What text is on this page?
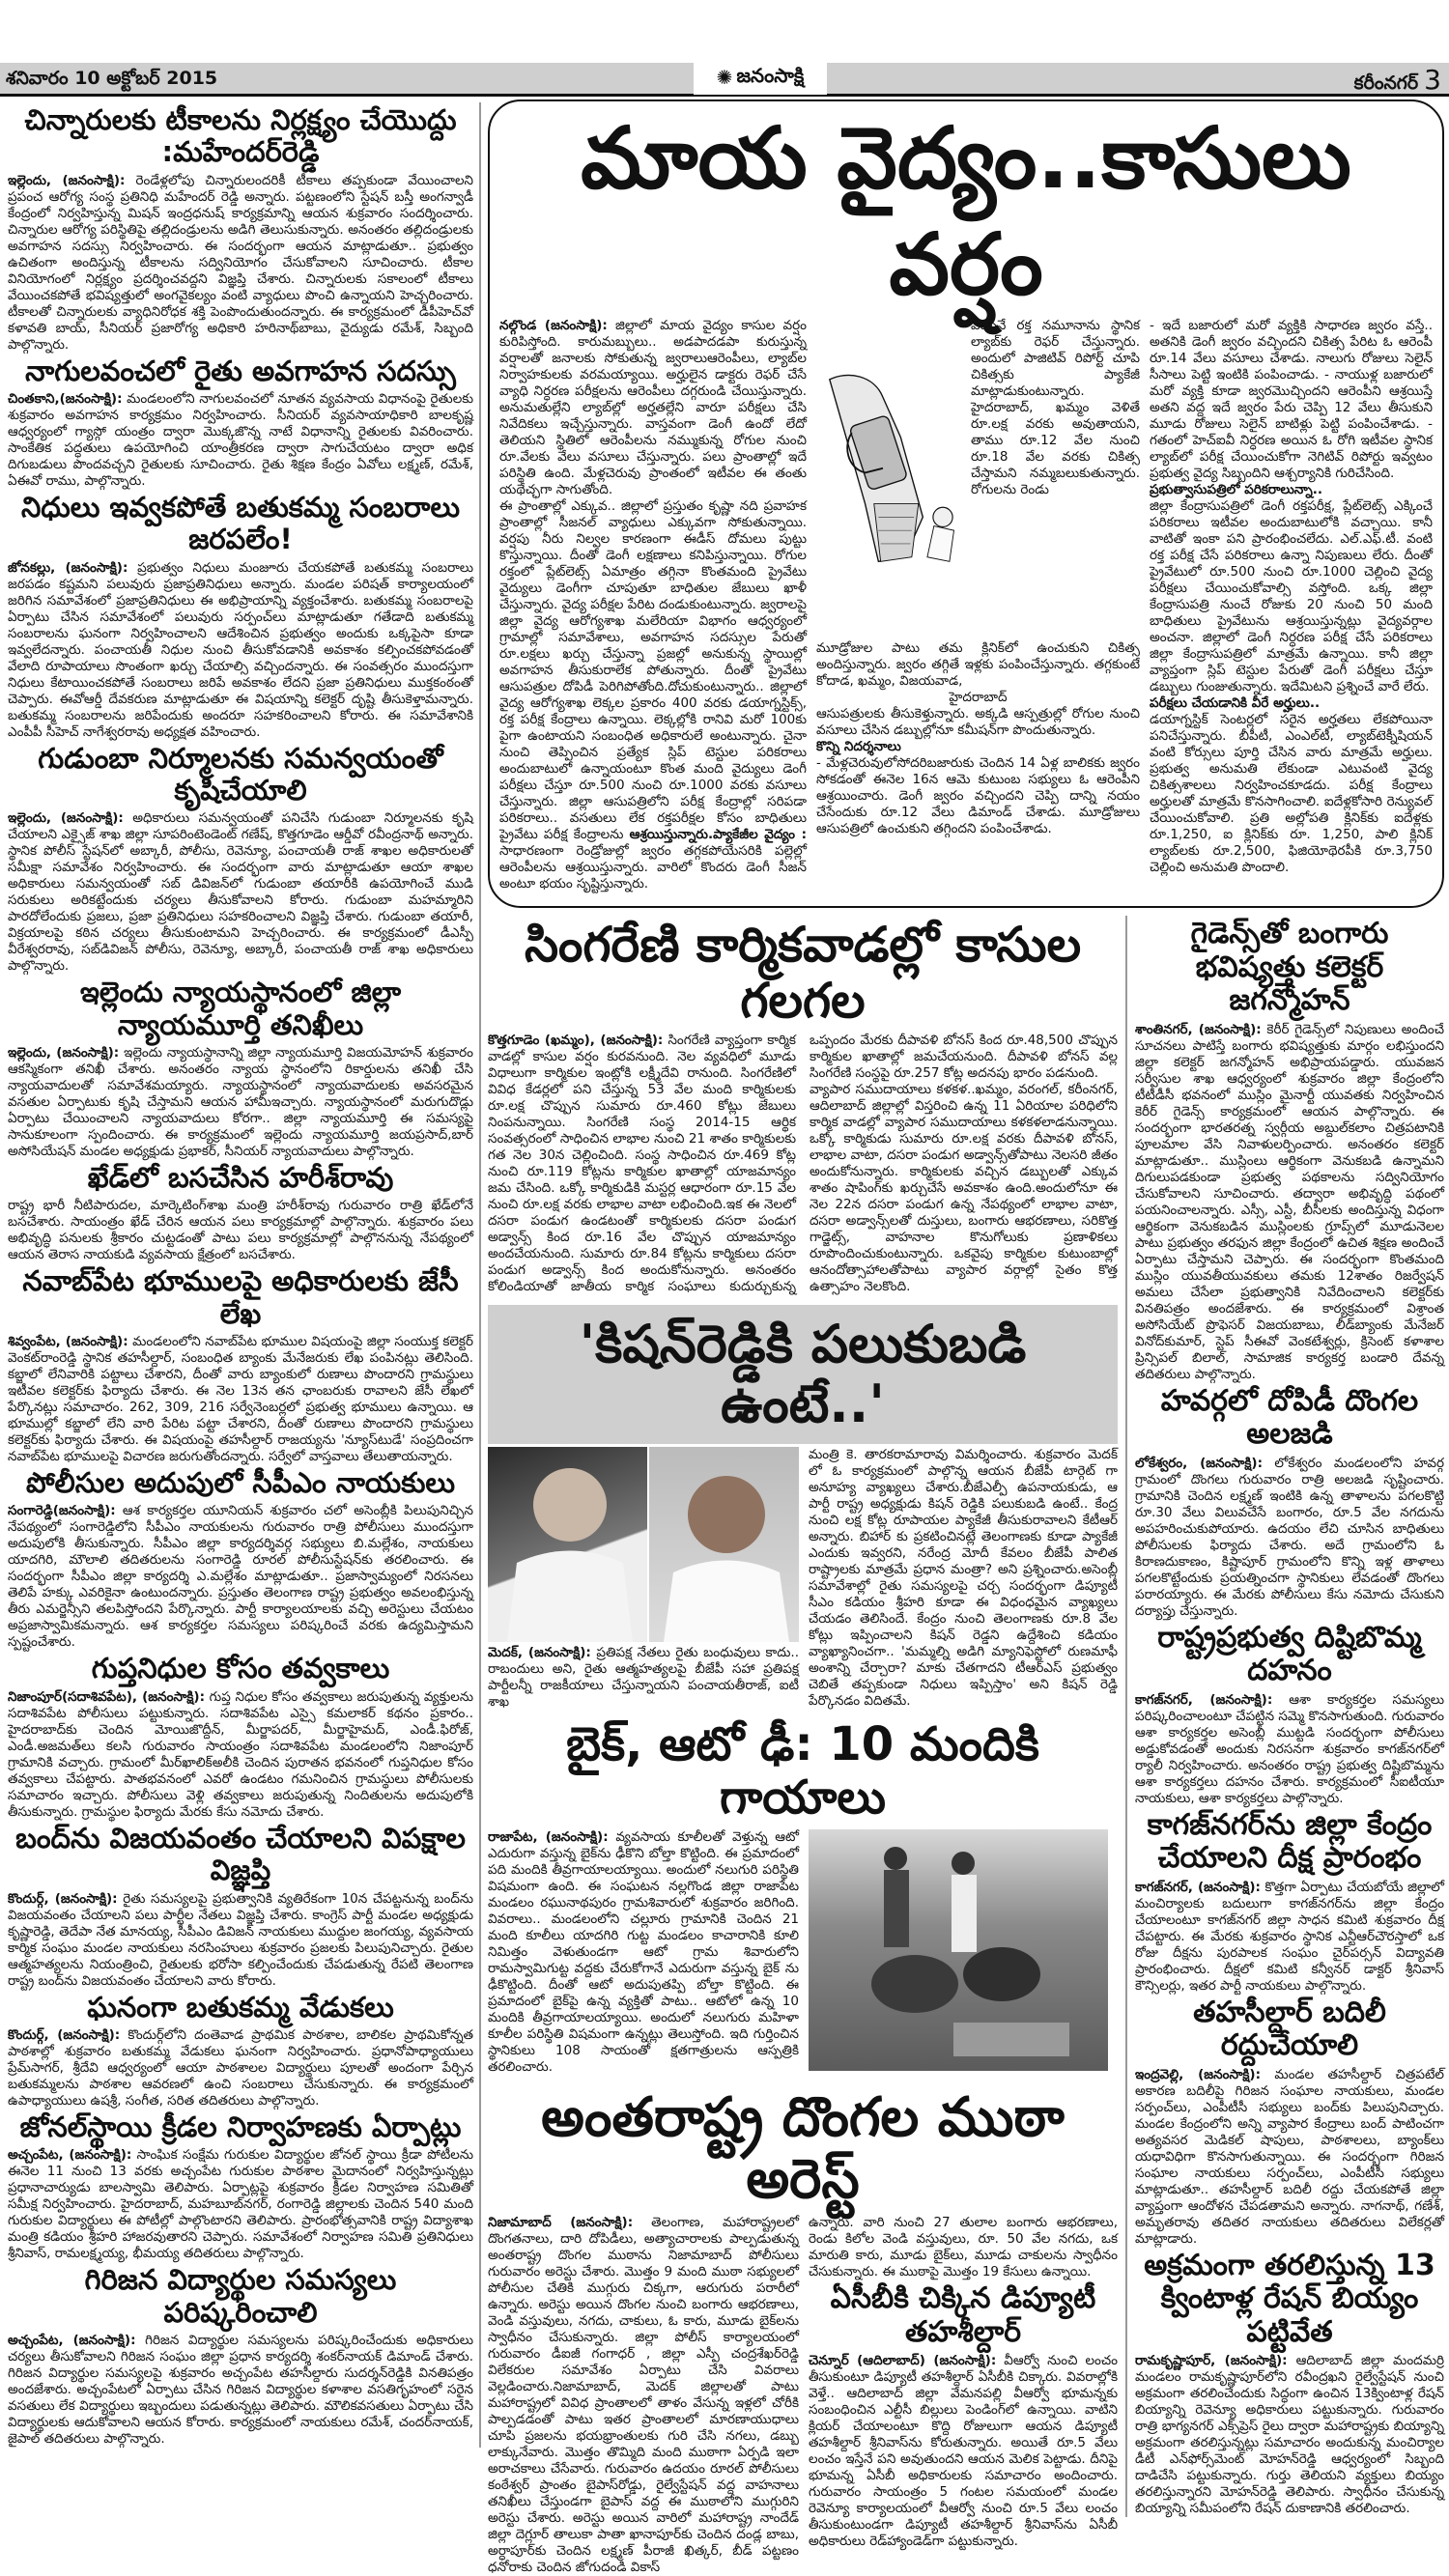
శనివారం 10 అక్టోబర్ 2015	✺ జనంసాక్షి	కరీంనగర్ 3
చిన్నారులకు టీకాలను నిర్లక్ష్యం చేయొద్దు :మహేందర్‌రెడ్డి
ఇల్లెందు, (జనంసాక్షి): రెండేళ్లలోపు చిన్నారులందరికీ టీకాలు తప్పకుండా వేయించాలని ప్రపంచ ఆరోగ్య సంస్థ ప్రతినిధి మహేందర్ రెడ్డి అన్నారు. పట్టణంలోని స్టేషన్ బస్తీ అంగన్వాడీ కేంద్రంలో నిర్వహిస్తున్న మిషన్ ఇంద్రధనుష్ కార్యక్రమాన్ని ఆయన శుక్రవారం సందర్శించారు. చిన్నారుల ఆరోగ్య పరిస్థితిపై తల్లిదండ్రులను అడిగి తెలుసుకున్నారు. అనంతరం తల్లిదండ్రులకు అవగాహన సదస్సు నిర్వహించారు. ఈ సందర్భంగా ఆయన మాట్లాడుతూ.. ప్రభుత్వం ఉచితంగా అందిస్తున్న టీకాలను సద్వినియోగం చేసుకోవాలని సూచించారు. టీకాల వినియోగంలో నిర్లక్ష్యం ప్రదర్శించవద్దని విజ్ఞప్తి చేశారు. చిన్నారులకు సకాలంలో టీకాలు వేయించకపోతే భవిష్యత్తులో అంగవైకల్యం వంటి వ్యాధులు పొంచి ఉన్నాయని హెచ్చరించారు. టీకాలతో చిన్నారులకు వ్యాధినిరోధక శక్తి పెంపొందుతుందన్నారు. ఈ కార్యక్రమంలో డీపీహెచ్‌వో కళావతి బాయ్, సీనియర్ ప్రజారోగ్య అధికారి హరినాథ్‌బాబు, వైద్యుడు రమేశ్, సిబ్బంది పాల్గొన్నారు.
నాగులవంచలో రైతు అవగాహన సదస్సు
చింతకాని,(జనంసాక్షి): మండలంలోని నాగులవంచలో నూతన వ్యవసాయ విధానంపై రైతులకు శుక్రవారం అవగాహన కార్యక్రమం నిర్వహించారు. సీనియర్ వ్యవసాయాధికారి బాలకృష్ణ ఆధ్వర్యంలో గ్యాస్గో యంత్రం ద్వారా మొక్కజొన్న నాటే విధానాన్ని రైతులకు వివరించారు. సాంకేతిక పద్ధతులు ఉపయోగించి యాంత్రీకరణ ద్వారా సాగుచేయటం ద్వారా అధిక దిగుబడులు పొందవచ్చని రైతులకు సూచించారు. రైతు శిక్షణ కేంద్రం ఏవోలు లక్ష్మణ్, రమేశ్, ఏఈవో రాము, పాల్గొన్నారు.
నిధులు ఇవ్వకపోతే బతుకమ్మ సంబరాలు జరపలేం!
జోనకల్లు, (జనంసాక్షి): ప్రభుత్వం నిధులు మంజూరు చేయకపోతే బతుకమ్మ సంబరాలు జరపడం కష్టమని పలువురు ప్రజాప్రతినిధులు అన్నారు. మండల పరిషత్ కార్యాలయంలో జరిగిన సమావేశంలో ప్రజాప్రతినిధులు ఈ అభిప్రాయాన్ని వ్యక్తంచేశారు. బతుకమ్మ సంబరాలపై ఏర్పాటు చేసిన సమావేశంలో పలువురు సర్పంచ్‌లు మాట్లాడుతూ గతేడాది బతుకమ్మ సంబరాలను ఘనంగా నిర్వహించాలని ఆదేశించిన ప్రభుత్వం అందుకు ఒక్కపైసా కూడా ఇవ్వలేదన్నారు. పంచాయతీ నిధుల నుంచి తీసుకోవడానికి అవకాశం కల్పించకపోవడంతో వేలాది రూపాయాలు సొంతంగా ఖర్చు చేయాల్సి వచ్చిందన్నారు. ఈ సంవత్సరం ముందస్తుగా నిధులు కేటాయించకపోతే సంబరాలు జరిపే అవకాశం లేదని ప్రజా ప్రతినిధులు ముక్తకంఠంతో చెప్పారు. ఈవోఆర్డీ దేవకరుణ మాట్లాడుతూ ఈ విషయాన్ని కలెక్టర్ దృష్టి తీసుకెళ్తామన్నారు. బతుకమ్మ సంబరాలను జరిపేందుకు అందరూ సహకరించాలని కోరారు. ఈ సమావేశానికి ఎంపీపీ సీహెచ్ నాగేశ్వరరావు అధ్యక్షత వహించారు.
గుడుంబా నిర్మూలనకు సమన్వయంతో కృషిచేయాలి
ఇల్లెందు, (జనంసాక్షి): అధికారులు సమన్వయంతో పనిచేసి గుడుంబా నిర్మూలనకు కృషి చేయాలని ఎక్సైజ్ శాఖ జిల్లా సూపరింటెండెంట్ గణేష్, కొత్తగూడెం ఆర్డీవో రవీంద్రనాథ్ అన్నారు. స్థానిక పోలీస్ స్టేషన్‌లో అబ్కారీ, పోలీసు, రెవెన్యూ, పంచాయతీ రాజ్ శాఖల అధికారులతో సమీక్షా సమావేశం నిర్వహించారు. ఈ సందర్భంగా వారు మాట్లాడుతూ ఆయా శాఖల అధికారులు సమన్వయంతో సబ్ డివిజన్‌లో గుడుంబా తయారీకి ఉపయోగించే ముడి సరుకులు అరికట్టేందుకు చర్యలు తీసుకోవాలని కోరారు. గుడుంబా మహమ్మారిని పారదోలేందుకు ప్రజలు, ప్రజా ప్రతినిధులు సహకరించాలని విజ్ఞప్తి చేశారు. గుడుంబా తయారీ, విక్రయాలపై కఠిన చర్యలు తీసుకుంటామని హెచ్చరించారు. ఈ కార్యక్రమంలో డీఎస్పీ వీరేశ్వరరావు, సబ్‌డివిజన్ పోలీసు, రెవెన్యూ, అబ్కారీ, పంచాయతీ రాజ్ శాఖ అధికారులు పాల్గొన్నారు.
ఇల్లెందు న్యాయస్థానంలో జిల్లా న్యాయమూర్తి తనిఖీలు
ఇల్లెందు, (జనంసాక్షి): ఇల్లెందు న్యాయస్థానాన్ని జిల్లా న్యాయమూర్తి విజయమోహన్ శుక్రవారం ఆకస్మికంగా తనిఖీ చేశారు. అనంతరం న్యాయ స్థానంలోని రికార్డులను తనిఖీ చేసి న్యాయవాదులతో సమావేశమయ్యారు. న్యాయస్థానంలో న్యాయవాదులకు అవసరమైన వసతుల ఏర్పాటుకు కృషి చేస్తామని ఆయన హామీఇచ్చారు. న్యాయస్థానంలో మరుగుదొడ్లు ఏర్పాటు చేయించాలని న్యాయవాదులు కోరగా.. జిల్లా న్యాయమూర్తి ఈ సమస్యపై సానుకూలంగా స్పందించారు. ఈ కార్యక్రమంలో ఇల్లెందు న్యాయమూర్తి జయప్రసాద్,బార్ అసోసియేషన్ మండల అధ్యక్షుడు ప్రభాకర్, సీనియర్ న్యాయవాదులు పాల్గొన్నారు.
ఖేడ్‌లో బసచేసిన హరీశ్‌రావు
రాష్ట్ర భారీ నీటిపారుదల, మార్కెటింగ్‌శాఖ మంత్రి హరీశ్‌రావు గురువారం రాత్రి ఖేడ్‌లోనే బసచేశారు. సాయంత్రం ఖేడ్ చేరిన ఆయన పలు కార్యక్రమాల్లో పాల్గొన్నారు. శుక్రవారం పలు అభివృద్ధి పనులకు శ్రీకారం చుట్టడంతో పాటు పలు కార్యక్రమాల్లో పాల్గొననున్న నేపథ్యంలో ఆయన తెరాస నాయకుడి వ్యవసాయ క్షేత్రంలో బసచేశారు.
నవాబ్‌పేట భూములపై అధికారులకు జేసీ లేఖ
శివ్వంపేట, (జనంసాక్షి): మండలంలోని నవాబ్‌పేట భూముల విషయంపై జిల్లా సంయుక్త కలెక్టర్ వెంకట్‌రాంరెడ్డి స్థానిక తహసీల్దార్, సంబంధిత బ్యాంకు మేనేజరుకు లేఖ పంపినట్లు తెలిసింది. కబ్జాలో లేనివారికి పట్టాలు చేశారని, దీంతో వారు బ్యాంకులో రుణాలు పొందారని గ్రామస్థులు ఇటీవల కలెక్టర్‌కు ఫిర్యాదు చేశారు. ఈ నెల 13న తన ఛాంబరుకు రావాలని జేసీ లేఖలో పేర్కొనట్లు సమాచారం. 262, 309, 216 సర్వేనెంబర్లలో ప్రభుత్వ భూములు ఉన్నాయి. ఆ భూముల్లో కబ్జాలో లేని వారి పేరిట పట్టా చేశారని, దీంతో రుణాలు పొందారని గ్రామస్థులు కలెక్టర్‌కు ఫిర్యాదు చేశారు. ఈ విషయంపై తహసీల్దార్ రాజయ్యను 'న్యూస్‌టుడే' సంప్రదించగా నవాబ్‌పేట భూములపై విచారణ జరుగుతోందన్నారు. సర్వేలో వాస్తవాలు తేలుతాయన్నారు.
పోలీసుల అదుపులో సీపీఎం నాయకులు
సంగారెడ్డి(జనంసాక్షి): ఆశ కార్యకర్తల యూనియన్ శుక్రవారం చలో అసెంబ్లీకి పిలుపునిచ్చిన నేపథ్యంలో సంగారెడ్డిలోని సీపీఎం నాయకులను గురువారం రాత్రి పోలీసులు ముందస్తుగా అదుపులోకి తీసుకున్నారు. సీపీఎం జిల్లా కార్యదర్శివర్గ సభ్యులు బి.మల్లేశం, నాయకులు యాదగిరి, మౌలాలి తదితరులను సంగారెడ్డి రూరల్ పోలీసుస్టేషన్‌కు తరలించారు. ఈ సందర్భంగా సీపీఎం జిల్లా కార్యదర్శి ఎ.మల్లేశం మాట్లాడుతూ.. ప్రజాస్వామ్యంలో నిరసనలు తెలిపే హక్కు ఎవరికైనా ఉంటుందన్నారు. ప్రస్తుతం తెలంగాణ రాష్ట్ర ప్రభుత్వం అవలంభిస్తున్న తీరు ఎమర్జెన్సీని తలపిస్తోందని పేర్కొన్నారు. పార్టీ కార్యాలయాలకు వచ్చి అరెస్టులు చేయటం అప్రజాస్వామికమన్నారు. ఆశ కార్యకర్తల సమస్యలు పరిష్కరించే వరకు ఉద్యమిస్తామని స్పష్టంచేశారు.
గుప్తనిధుల కోసం తవ్వకాలు
నిజాంపూర్(సదాశివపేట), (జనంసాక్షి): గుప్త నిధుల కోసం తవ్వకాలు జరుపుతున్న వ్యక్తులను సదాశివపేట పోలీసులు పట్టుకున్నారు. సదాశివపేట ఎస్సై కమలాకర్ కథనం ప్రకారం.. హైదరాబాద్‌కు చెందిన మోయిజొద్దీన్, మీర్జాపదర్, మీర్జాహైమద్, ఎండీ.ఫిరోజ్, ఎండీ.అజమత్‌లు కలసి గురువారం సాయంత్రం సదాశివపేట మండలంలోని నిజాంపూర్ గ్రామానికి వచ్చారు. గ్రామంలో మీర్‌ఖాలిక్‌అలీకి చెందిన పురాతన భవనంలో గుప్తనిధుల కోసం తవ్వకాలు చేపట్టారు. పాతభవనంలో ఎవరో ఉండటం గమనించిన గ్రామస్థులు పోలీసులకు సమాచారం ఇచ్చారు. పోలీసులు వెళ్లి తవ్వకాలు జరుపుతున్న నిందితులను అదుపులోకి తీసుకున్నారు. గ్రామస్థుల ఫిర్యాదు మేరకు కేసు నమోదు చేశారు.
బంద్‌ను విజయవంతం చేయాలని విపక్షాల విజ్ఞప్తి
కొందుర్గ్, (జనంసాక్షి): రైతు సమస్యలపై ప్రభుత్వానికి వ్యతిరేకంగా 10న చేపట్టనున్న బంద్‌ను విజయవంతం చేయాలని పలు పార్టీల నేతలు విజ్ఞప్తి చేశారు. కాంగ్రెస్ పార్టీ మండల అధ్యక్షుడు కృష్ణారెడ్డి, తెదేపా నేత మానయ్య, సీపీఎం డివిజన్ నాయకులు ముద్దుల జంగయ్య, వ్యవసాయ కార్మిక సంఘం మండల నాయకులు నరసింహులు శుక్రవారం ప్రజలకు పిలుపునిచ్చారు. రైతుల ఆత్మహత్యలను నియంత్రించి, రైతులకు భరోసా కల్పించేందుకు చేపడుతున్న రేపటి తెలంగాణ రాష్ట్ర బంద్‌ను విజయవంతం చేయాలని వారు కోరారు.
ఘనంగా బతుకమ్మ వేడుకలు
కొందుర్గ్, (జనంసాక్షి): కొందుర్గ్‌లోని దంతెవాడ ప్రాథమిక పాఠశాల, బాలికల ప్రాథమికోన్నత పాఠశాల్లో శుక్రవారం బతుకమ్మ వేడుకలు ఘనంగా నిర్వహించారు. ప్రధానోపాధ్యాయులు ప్రేమ్‌సాగర్, శ్రీదేవి ఆధ్వర్యంలో ఆయా పాఠశాలల విద్యార్థులు పూలతో అందంగా పేర్చిన బతుకమ్మలను పాఠశాల ఆవరణలో ఉంచి సంబరాలు చేసుకున్నారు. ఈ కార్యక్రమంలో ఉపాధ్యాయులు ఉషశ్రీ, సంగీత, సరిత తదితరులు పాల్గొన్నారు.
జోనల్‌స్థాయి క్రీడల నిర్వాహణకు ఏర్పాట్లు
అచ్చంపేట, (జనంసాక్షి): సాంఘిక సంక్షేమ గురుకుల విద్యార్థుల జోనల్ స్థాయి క్రీడా పోటీలను ఈనెల 11 నుంచి 13 వరకు అచ్చంపేట గురుకుల పాఠశాల మైదానంలో నిర్వహిస్తున్నట్లు ప్రధానాచార్యుడు బాలస్వామి తెలిపారు. ఏర్పాట్లపై శుక్రవారం క్రీడల నిర్వాహణ సమితితో సమీక్ష నిర్వహించారు. హైదరాబాద్, మహబూబ్‌నగర్, రంగారెడ్డి జిల్లాలకు చెందిన 540 మంది గురుకుల విద్యార్థులు ఈ పోటీల్లో పాల్గొంటారని తెలిపారు. ప్రారంభోత్సవానికి రాష్ట్ర విద్యాశాఖ మంత్రి కడియం శ్రీహరి హాజరవుతారని చెప్పారు. సమావేశంలో నిర్వాహణ సమితి ప్రతినిధులు శ్రీనివాస్, రామలక్ష్మయ్య, భీమయ్య తదితరులు పాల్గొన్నారు.
గిరిజన విద్యార్థుల సమస్యలు పరిష్కరించాలి
అచ్చంపేట, (జనంసాక్షి): గిరిజన విద్యార్థుల సమస్యలను పరిష్కరించేందుకు అధికారులు చర్యలు తీసుకోవాలని గిరిజన సంఘం జిల్లా ప్రధాన కార్యదర్శి శంకర్‌నాయక్ డిమాండ్ చేశారు. గిరిజన విద్యార్థుల సమస్యలపై శుక్రవారం అచ్చంపేట తహసీల్దారు సుదర్శన్‌రెడ్డికి వినతిపత్రం అందజేశారు. అచ్చంపేటలో ఏర్పాటు చేసిన గిరిజన విద్యార్థుల కళాశాల వసతిగృహంలో సరైన వసతులు లేక విద్యార్థులు ఇబ్బందులు పడుతున్నట్లు తెలిపారు. మౌలికవసతులు ఏర్పాటు చేసి విద్యార్థులకు ఆదుకోవాలని ఆయన కోరారు. కార్యక్రమంలో నాయకులు రమేశ్, చందర్‌నాయక్, జైపాల్ తదితరులు పాల్గొన్నారు.
మాయ వైద్యం..కాసులు వర్షం
నల్గొండ (జనంసాక్షి): జిల్లాలో మాయ వైద్యం కాసుల వర్షం కురిపిస్తోంది. కారుమబ్బులు.. అడపాదడపా కురుస్తున్న వర్షాలతో జనాలకు సోకుతున్న జ్వరాలుఆరెంపీలు, ల్యాబ్‌ల నిర్వాహకులకు వరమయ్యాయి. అర్హులైన డాక్టరు రెఫర్ చేసే వ్యాధి నిర్ధరణ పరీక్షలను ఆరెంపీలు దగ్గరుండి చేయిస్తున్నారు. అనుమతుల్లేని ల్యాబ్‌ల్లో అర్హతల్లేని వారూ పరీక్షలు చేసి నివేదికలు ఇచ్చేస్తున్నారు. వాస్తవంగా డెంగీ ఉందో లేదో తెలియని స్థితిలో ఆరెంపీలను నమ్ముకున్న రోగుల నుంచి రూ.వేలకు వేలు వసూలు చేస్తున్నారు. పలు ప్రాంతాల్లో ఇదే పరిస్థితి ఉంది. మేళ్లచెరువు ప్రాంతంలో ఇటీవల ఈ తంతు యథేచ్ఛగా సాగుతోంది.
ఈ ప్రాంతాల్లో ఎక్కువ.. జిల్లాలో ప్రస్తుతం కృష్ణా నది ప్రవాహక ప్రాంతాల్లో సీజనల్ వ్యాధులు ఎక్కువగా సోకుతున్నాయి. వర్షపు నీరు నిల్వల కారణంగా ఈడీస్ దోమలు పుట్టు కొస్తున్నాయి. దీంతో డెంగీ లక్షణాలు కనిపిస్తున్నాయి. రోగుల రక్తంలో ప్లేట్‌లెట్స్ ఏమాత్రం తగ్గినా కొంతమంది ప్రైవేటు వైద్యులు డెంగీగా చూపుతూ బాధితుల జేబులు ఖాళీ చేస్తున్నారు. వైద్య పరీక్షల పేరిట దండుకుంటున్నారు. జ్వరాలపై జిల్లా వైద్య ఆరోగ్యశాఖ మలేరియా విభాగం ఆధ్వర్యంలో గ్రామాల్లో సమావేశాలు, అవగాహన సదస్సుల పేరుతో రూ.లక్షలు ఖర్చు చేస్తున్నా ప్రజల్లో అనుకున్న స్థాయిల్లో అవగాహన తీసుకురాలేక పోతున్నారు. దీంతో ప్రైవేటు ఆసుపత్రుల దోపిడీ పెరిగిపోతోంది.దోచుకుంటున్నారు.. జిల్లాలో వైద్య ఆరోగ్యశాఖ లెక్కల ప్రకారం 400 వరకు డయాగ్నస్టిక్స్, రక్త పరీక్ష కేంద్రాలు ఉన్నాయి. లెక్కల్లోకి రానివి మరో 100కు పైగా ఉంటాయని సంబంధిత అధికారులే అంటున్నారు. చైనా నుంచి తెప్పించిన ప్రత్యేక స్లిప్ టెస్టుల పరికరాలు అందుబాటులో ఉన్నాయంటూ కొంత మంది వైద్యులు డెంగీ పరీక్షలు చేస్తూ రూ.500 నుంచి రూ.1000 వరకు వసూలు చేస్తున్నారు. జిల్లా ఆసుపత్రిలోని పరీక్ష కేంద్రాల్లో సరిపడా పరికరాలు.. వసతులు లేక రక్తపరీక్షల కోసం బాధితులు ప్రైవేటు పరీక్ష కేంద్రాలను ఆశ్రయిస్తున్నారు.ప్యాకేజీల వైద్యం : సాధారణంగా రెండ్రోజుల్లో జ్వరం తగ్గకపోయేసరికి పల్లెల్లో ఆరెంపీలను ఆశ్రయిస్తున్నారు. వారిలో కొందరు డెంగీ సీజన్ అంటూ భయం సృష్టిస్తున్నారు.
వెంటనే రక్త నమూనాను స్థానిక ల్యాబ్‌కు రెఫర్ చేస్తున్నారు. అందులో పాజిటివ్ రిపోర్ట్ చూపి చికిత్సకు ప్యాకేజీ మాట్లాడుకుంటున్నారు. హైదరాబాద్, ఖమ్మం వెళితే రూ.లక్ష వరకు అవుతాయని, తాము రూ.12 వేల నుంచి రూ.18 వేల వరకు చికిత్స చేస్తామని నమ్మబలుకుతున్నారు. రోగులను రెండు
మూడ్రోజుల పాటు తమ క్లినిక్‌లో ఉంచుకుని చికిత్స అందిస్తున్నారు. జ్వరం తగ్గితే ఇళ్లకు పంపించేస్తున్నారు. తగ్గకుంటే కోదాడ, ఖమ్మం, విజయవాడ,
హైదరాబాద్
ఆసుపత్రులకు తీసుకెళ్తున్నారు. అక్కడి ఆస్పత్రుల్లో రోగుల నుంచి వసూలు చేసిన డబ్బుల్లోనూ కమీషన్‌గా పొందుతున్నారు.
కొన్ని నిదర్శనాలు
- మేళ్లచెరువులోసోదరిబజారుకు చెందిన 14 ఏళ్ల బాలికకు జ్వరం సోకడంతో ఈనెల 16న ఆమె కుటుంబ సభ్యులు ఓ ఆరెంపీని ఆశ్రయించారు. డెంగీ జ్వరం వచ్చిందని చెప్పి దాన్ని నయం చేసేందుకు రూ.12 వేలు డిమాండ్ చేశాడు. మూడ్రోజులు ఆసుపత్రిలో ఉంచుకుని తగ్గిందని పంపించేశాడు.
- ఇదే బజారులో మరో వ్యక్తికి సాధారణ జ్వరం వస్తే.. అతనికి డెంగీ జ్వరం వచ్చిందని చికిత్స పేరిట ఓ ఆరెంపీ రూ.14 వేలు వసూలు చేశాడు. నాలుగు రోజులు సెలైన్ సీసాలు పెట్టి ఇంటికి పంపించాడు. - నాయుళ్ల బజారులో మరో వ్యక్తి కూడా జ్వరమొచ్చిందని ఆరెంపీని ఆశ్రయిస్తే అతని వద్ద ఇదే జ్వరం పేరు చెప్పి 12 వేలు తీసుకుని మూడు రోజులు సెలైన్ బాటిళ్లు పెట్టి పంపించేశాడు. - గతంలో హెచ్‌ఐవీ నిర్ధరణ అయిన ఓ రోగి ఇటీవల స్థానిక ల్యాబ్‌లో పరీక్ష చేయించుకోగా నెగిటివ్ రిపోర్టు ఇవ్వటం ప్రభుత్వ వైద్య సిబ్బందిని ఆశ్చర్యానికి గురిచేసింది.
ప్రభుత్వాసుపత్రిలో పరికరాలున్నా..
జిల్లా కేంద్రాసుపత్రిలో డెంగీ రక్తపరీక్ష, ప్లేట్‌లెట్స్ ఎక్కించే పరికరాలు ఇటీవల అందుబాటులోకి వచ్చాయి. కానీ వాటితో ఇంకా పని ప్రారంభించలేదు. ఎల్.ఎఫ్.టీ. వంటి రక్త పరీక్ష చేసే పరికరాలు ఉన్నా నిపుణులు లేరు. దీంతో ప్రైవేటులో రూ.500 నుంచి రూ.1000 చెల్లించి వైద్య పరీక్షలు చేయించుకోవాల్సి వస్తోంది. ఒక్క జిల్లా కేంద్రాసుపత్రి నుంచే రోజుకు 20 నుంచి 50 మంది బాధితులు ప్రైవేటును ఆశ్రయిస్తున్నట్లు వైద్యవర్గాల అంచనా. జిల్లాలో డెంగీ నిర్ధరణ పరీక్ష చేసే పరికరాలు జిల్లా కేంద్రాసుపత్రిలో మాత్రమే ఉన్నాయి. కానీ జిల్లా వ్యాప్తంగా స్లిప్ టెస్టుల పేరుతో డెంగీ పరీక్షలు చేస్తూ డబ్బులు గుంజుతున్నారు. ఇదేమిటని ప్రశ్నించే వారే లేరు.
పరీక్షలు చేయడానికి వీరే అర్హులు..
డయాగ్నస్టిక్ సెంటర్లలో సరైన అర్హతలు లేకపోయినా పనిచేస్తున్నారు. బీపీటీ, ఎంఎల్‌టీ, ల్యాబ్‌టెక్నీషియన్ వంటి కోర్సులు పూర్తి చేసిన వారు మాత్రమే అర్హులు. ప్రభుత్వ అనుమతి లేకుండా ఎటువంటి వైద్య చికిత్సశాలలు నిర్వహించకూడదు. పరీక్ష కేంద్రాలు అర్హులతో మాత్రమే కొనసాగించాలి. ఐదేళ్లకోసారి రెన్యువల్ చేయించుకోవాలి. ప్రతి అల్లోపతి క్లినిక్‌కు ఐదేళ్లకు రూ.1,250, ఐ క్లినిక్‌కు రూ. 1,250, పాలి క్లినిక్ ల్యాబ్‌లకు రూ.2,500, ఫిజియోథెరపీకి రూ.3,750 చెల్లించి అనుమతి పొందాలి.
సింగరేణి కార్మికవాడల్లో కాసుల గలగల
కొత్తగూడెం (ఖమ్మం), (జనంసాక్షి): సింగరేణి వ్యాప్తంగా కార్మిక వాడల్లో కాసుల వర్షం కురవనుంది. నెల వ్యవధిలో మూడు విధాలుగా కార్మికుల ఇంట్లోకి లక్ష్మీదేవి రానుంది. సింగరేణిలో వివిధ కేడర్లలో పని చేస్తున్న 53 వేల మంది కార్మికులకు రూ.లక్ష చొప్పున సుమారు రూ.460 కోట్లు జేబులు నింపనున్నాయి. సింగరేణి సంస్థ 2014-15 ఆర్థిక సంవత్సరంలో సాధించిన లాభాల నుంచి 21 శాతం కార్మికులకు గత నెల 30న చెల్లించింది. సంస్థ సాధించిన రూ.469 కోట్ల నుంచి రూ.119 కోట్లను కార్మికుల ఖాతాల్లో యాజమాన్యం జమ చేసింది. ఒక్కో కార్మికుడికి మస్టర్ల ఆధారంగా రూ.15 వేల నుంచి రూ.లక్ష వరకు లాభాల వాటా లభించింది.ఇక ఈ నెలలో దసరా పండుగ ఉండటంతో కార్మికులకు దసరా పండుగ అడ్వాన్స్ కింద రూ.16 వేల చొప్పున యాజమాన్యం అందచేయనుంది. సుమారు రూ.84 కోట్లను కార్మికులు దసరా పండుగ అడ్వాన్స్ కింద అందుకోనున్నారు. అనంతరం కోలిండియాతో జాతీయ కార్మిక సంఘాలు కుదుర్చుకున్న ఒప్పందం మేరకు దీపావళి బోనస్ కింద రూ.48,500 చొప్పున కార్మికుల ఖాతాల్లో జమచేయనుంది. దీపావళి బోనస్ వల్ల సింగరేణి సంస్థపై రూ.257 కోట్ల అదనపు భారం పడనుంది.
వ్యాపార సముదాయాలు కళకళ..ఖమ్మం, వరంగల్, కరీంనగర్, ఆదిలాబాద్ జిల్లాల్లో విస్తరించి ఉన్న 11 ఏరియాల పరిధిలోని కార్మిక వాడల్లో వ్యాపార సముదాయాలు కళకళలాడనున్నాయి. ఒక్కో కార్మికుడు సుమారు రూ.లక్ష వరకు దీపావళి బోనస్, లాభాల వాటా, దసరా పండుగ అడ్వాన్స్‌తోపాటు నెలసరి జీతం అందుకోనున్నారు. కార్మికులకు వచ్చిన డబ్బులతో ఎక్కువ శాతం షాపింగ్‌కు ఖర్చుచేసే అవకాశం ఉంది.అందులోనూ ఈ నెల 22న దసరా పండుగ ఉన్న నేపథ్యంలో లాభాల వాటా, దసరా అడ్వాన్స్‌లతో దుస్తులు, బంగారు ఆభరణాలు, సరికొత్త గాడ్జెట్స్, వాహనాల కొనుగోలుకు ప్రణాళికలు రూపొందించుకుంటున్నారు. ఒకవైపు కార్మికుల కుటుంబాల్లో ఆనందోత్సాహాలతోపాటు వ్యాపార వర్గాల్లో సైతం కొత్త ఉత్సాహం నెలకొంది.
'కిషన్‌రెడ్డికి పలుకుబడి ఉంటే..'
మెదక్, (జనంసాక్షి): ప్రతిపక్ష నేతలు రైతు బంధువులు కాదు.. రాబందులు అని, రైతు ఆత్మహత్యలపై బీజేపీ సహా ప్రతిపక్ష పార్టీలన్నీ రాజకీయాలు చేస్తున్నాయని పంచాయతీరాజ్, ఐటీ శాఖ
మంత్రి కె. తారకరామారావు విమర్శించారు. శుక్రవారం మెదక్ లో ఓ కార్యక్రమంలో పాల్గొన్న ఆయన బీజేపీ టార్గెట్ గా అనూహ్య వ్యాఖ్యలు చేశారు.బీజేఎల్పీ ఉపనాయకుడు, ఆ పార్టీ రాష్ట్ర అధ్యక్షుడు కిషన్ రెడ్డికి పలుకుబడి ఉంటే.. కేంద్ర నుంచి లక్ష కోట్ల రూపాయల ప్యాకేజీ తీసుకురావాలని కేటీఆర్ అన్నారు. బిహార్ కు ప్రకటించినట్లే తెలంగాణకు కూడా ప్యాకేజీ ఎందుకు ఇవ్వరని, నరేంద్ర మోదీ కేవలం బీజేపీ పాలిత రాష్ట్రాలకు మాత్రమే ప్రధాన మంత్రా? అని ప్రశ్నించారు.అసెంబ్లీ సమావేశాల్లో రైతు సమస్యలపై చర్చ సందర్భంగా డిప్యూటీ సీఎం కడియం శ్రీహరి కూడా ఈ విధంధమైన వ్యాఖ్యలు చేయడం తెలిసిందే. కేంద్రం నుంచి తెలంగాణకు రూ.8 వేల కోట్లు ఇప్పించాలని కిషన్ రెడ్డని ఉద్దేశించి కడియం వ్యాఖ్యానించగా.. 'మమ్మల్ని అడిగి మ్యానిఫెస్టోలో రుణమాఫీ అంశాన్ని చేర్చారా? మాకు చేతగాదని టీఆర్ఎస్ ప్రభుత్వం చెబితే తప్పకుండా నిధులు ఇప్పిస్తాం' అని కిషన్ రెడ్డి పేర్కొనడం విదితమే.
బైక్, ఆటో ఢీ: 10 మందికి గాయాలు
రాజాపేట, (జనంసాక్షి): వ్యవసాయ కూలీలతో వెళ్తున్న ఆటో ఎదురుగా వస్తున్న బైక్‌ను ఢీకొని బోల్తా కొట్టింది. ఈ ప్రమాదంలో పది మందికి తీవ్రగాయాలయ్యాయి. అందులో నలుగురి పరిస్థితి విషమంగా ఉంది. ఈ సంఘటన నల్లగొండ జిల్లా రాజాపేట మండలం రఘునాథపురం గ్రామశివారులో శుక్రవారం జరిగింది. వివరాలు.. మండలంలోని చల్లూరు గ్రామానికి చెందిన 21 మంది కూలీలు యాదగిరి గుట్ట మండలం కాచారానికి కూలి నిమిత్తం వెళుతుండగా ఆటో గ్రామ శివారులోని రామస్వామిగుట్ట వద్దకు చేరుకోగానే ఎదురుగా వస్తున్న బైక్ ను ఢీకొట్టింది. దీంతో ఆటో అదుపుతప్పి బోల్తా కొట్టింది. ఈ ప్రమాదంలో బైక్‌పై ఉన్న వ్యక్తితో పాటు.. ఆటోలో ఉన్న 10 మందికి తీవ్రగాయాలయ్యాయి. అందులో నలుగురు మహిళా కూలీల పరిస్థితి విషమంగా ఉన్నట్లు తెలుస్తోంది. ఇది గుర్తించిన స్థానికులు 108 సాయంతో క్షతగాత్రులను ఆస్పత్రికి తరలించారు.
అంతరాష్ట్ర దొంగల ముఠా అరెస్ట్
నిజామాబాద్ (జనంసాక్షి): తెలంగాణ, మహారాష్ట్రలలో దొంగతనాలు, దారి దోపిడీలు, అత్యాచారాలకు పాల్పడుతున్న అంతరాష్ట్ర దొంగల ముఠాను నిజామాబాద్ పోలీసులు గురువారం అరెస్టు చేశారు. మొత్తం 9 మంది ముఠా సభ్యులలో పోలీసుల చేతికి ముగ్గురు చిక్కగా, ఆరుగురు పరారీలో ఉన్నారు. అరెస్టు అయిన దొంగల నుంచి బంగారు ఆభరణాలు, వెండి వస్తువులు, నగదు, చాకులు, ఓ కారు, మూడు బైక్‌లను స్వాధీనం చేసుకున్నారు. జిల్లా పోలీస్ కార్యాలయంలో గురువారం డీఐజీ గంగాధర్ , జిల్లా ఎస్పీ చంద్రశేఖర్‌రెడ్డి విలేకరుల సమావేశం ఏర్పాటు చేసి వివరాలు వెల్లడించారు.నిజామాబాద్, మెదక్ జిల్లాలతో పాటు మహారాష్ట్రలో వివిధ ప్రాంతాలలో తాళం వేసున్న ఇళ్లలో చోరీకి పాల్పడడంతో పాటు ఇతర ప్రాంతాలలో మారణాయుధాలు చూపి ప్రజలను భయభ్రాంతులకు గురి చేసి నగలు, డబ్బు లాక్కునేవారు. మొత్తం తొమ్మిది మంది ముఠాగా ఏర్పడి ఇలా అరాచకాలు చేసేవారు. గురువారం ఉదయం రూరల్ పోలీసులు కంఠేశ్వర్ ప్రాంతం బైపాస్‌రోడ్డు, రైల్వేస్టేషన్ వద్ద వాహనాలు తనిఖీలు చేస్తుండగా బైపాస్ వద్ద ఈ ముఠాలోని ముగ్గురిని అరెస్టు చేశారు. అరెస్టు అయిన వారిలో మహారాష్ట్ర నాందేడ్ జిల్లా దెగ్లూర్ తాలుకా పాతా ఖానాపూర్‌కు చెందిన దండ్ల బాబు, అర్ధాపూర్‌కు చెందిన లక్ష్మణ్ పీరాజీ ఖిత్కర్, బీడ్ పట్టణం ధనోరాకు చెందిన జోగుదండి వికాస్
ఉన్నారు. వారి నుంచి 27 తులాల బంగారు ఆభరణాలు, రెండు కిలోల వెండి వస్తువులు, రూ. 50 వేల నగదు, ఒక మారుతి కారు, మూడు బైక్‌లు, మూడు చాకులను స్వాధీనం చేసుకున్నారు. ఈ ముఠాపై మొత్తం 19 కేసులు ఉన్నాయి.
ఏసీబీకి చిక్కిన డిప్యూటీ తహశీల్దార్
చెన్నూర్ (ఆదిలాబాద్) (జనంసాక్షి): వీఆర్వో నుంచి లంచం తీసుకుంటూ డిప్యూటీ తహశీల్దార్ ఏసీబీకి చిక్కారు. వివరాల్లోకి వెళ్తే.. ఆదిలాబాద్ జిల్లా వేమనపల్లి వీఆర్వో భూమన్నకు సంబంధించిన ఎల్టీసీ బిల్లులు పెండింగ్‌లో ఉన్నాయి. వాటిని క్లియర్ చేయాలంటూ కొద్ది రోజులుగా ఆయన డిప్యూటీ తహశీల్దార్ శ్రీనివాస్‌ను కోరుతున్నారు. అయితే రూ.5 వేలు లంచం ఇస్తేనే పని అవుతుందని ఆయన మెలిక పెట్టాడు. దీనిపై భూమన్న ఏసీబీ అధికారులకు సమాచారం అందించారు. గురువారం సాయంత్రం 5 గంటల సమయంలో మండల రెవెన్యూ కార్యాలయంలో వీఆర్వో నుంచి రూ.5 వేలు లంచం తీసుకుంటుండగా డిప్యూటీ తహశీల్దార్ శ్రీనివాస్‌ను ఏసీబీ అధికారులు రెడ్‌హ్యాండెడ్‌గా పట్టుకున్నారు.
గైడెన్స్‌తో బంగారు భవిష్యత్తు కలెక్టర్ జగన్మోహన్
శాంతినగర్, (జనంసాక్షి): కెరీర్ గైడెన్స్‌లో నిపుణులు అందించే సూచనలు పాటిస్తే బంగారు భవిష్యత్తుకు మార్గం లభిస్తుందని జిల్లా కలెక్టర్ జగన్మోహన్ అభిప్రాయపడ్డారు. యువజన సర్వీసుల శాఖ ఆధ్వర్యంలో శుక్రవారం జిల్లా కేంద్రంలోని టీటీడీసీ భవనంలో ముస్లిం మైనార్టీ యువతకు నిర్వహించిన కెరీర్ గైడెన్స్ కార్యక్రమంలో ఆయన పాల్గొన్నారు. ఈ సందర్భంగా భారతరత్న స్వర్గీయ అబ్దుల్‌కలాం చిత్రపటానికి పూలమాల వేసి నివాళులర్పించారు. అనంతరం కలెక్టర్ మాట్లాడుతూ.. ముస్లింలు ఆర్థికంగా వెనుకబడి ఉన్నామని దిగులుపడకుండా ప్రభుత్వ పథకాలను సద్వినియోగం చేసుకోవాలని సూచించారు. తద్వారా అభివృద్ధి పథంలో పయనించాలన్నారు. ఎస్సీ, ఎస్టీ, బీసీలకు అందిస్తున్న విధంగా ఆర్థికంగా వెనుకబడిన ముస్లింలకు గ్రూప్స్‌లో మూడునెలల పాటు ప్రభుత్వం తరఫున జిల్లా కేంద్రంలో ఉచిత శిక్షణ అందించే ఏర్పాటు చేస్తామని చెప్పారు. ఈ సందర్భంగా కొంతమంది ముస్లిం యువతీయువకులు తమకు 12శాతం రిజర్వేషన్ అమలు చేసేలా ప్రభుత్వానికి నివేదించాలని కలెక్టర్‌కు వినతిపత్రం అందజేశారు. ఈ కార్యక్రమంలో విశ్రాంత అసోసియేట్ ప్రొఫెసర్ విజయబాబు, లీడ్‌బ్యాంకు మేనేజర్ వినోద్‌కుమార్, స్టెప్ సీఈవో వెంకటేశ్వర్లు, క్రిసెంట్ కళాశాల ప్రిన్సిపల్ బిలాల్, సామాజిక కార్యకర్త బండారి దేవన్న తదితరులు పాల్గొన్నారు.
హవర్గలో దోపిడీ దొంగల అలజడి
లోకేశ్వరం, (జనంసాక్షి): లోకేశ్వరం మండలంలోని హవర్గ గ్రామంలో దొంగలు గురువారం రాత్రి అలజడి సృష్టించారు. గ్రామానికి చెందిన లక్ష్మణ్ ఇంటికి ఉన్న తాళాలను పగలకొట్టి రూ.30 వేలు విలువచేసే బంగారం, రూ.5 వేల నగదును అపహరించుకుపోయారు. ఉదయం లేచి చూసిన బాధితులు పోలీసులకు ఫిర్యాదు చేశారు. అదే గ్రామంలోని ఓ కిరాణదుకాణం, కిష్టాపూర్ గ్రామంలోని కొన్ని ఇళ్ల తాళాలు పగలకొట్టేందుకు ప్రయత్నించగా స్థానికులు లేవడంతో దొంగలు పరారయ్యారు. ఈ మేరకు పోలీసులు కేసు నమోదు చేసుకుని దర్యాప్తు చేస్తున్నారు.
రాష్ట్రప్రభుత్వ దిష్టిబొమ్మ దహనం
కాగజ్‌నగర్, (జనంసాక్షి): ఆశా కార్యకర్తల సమస్యలు పరిష్కరించాలంటూ చేపట్టిన సమ్మె కొనసాగుతుంది. గురువారం ఆశా కార్యకర్తల అసెంబ్లీ ముట్టడి సందర్భంగా పోలీసులు అడ్డుకోవడంతో అందుకు నిరసనగా శుక్రవారం కాగజ్‌నగర్‌లో ర్యాలీ నిర్వహించారు. అనంతరం రాష్ట్ర ప్రభుత్వ దిష్టిబొమ్మను ఆశా కార్యకర్తలు దహనం చేశారు. కార్యక్రమంలో సీఐటీయూ నాయకులు, ఆశా కార్యకర్తలు పాల్గొన్నారు.
కాగజ్‌నగర్‌ను జిల్లా కేంద్రం చేయాలని దీక్ష ప్రారంభం
కాగజ్‌నగర్, (జనంసాక్షి): కొత్తగా ఏర్పాటు చేయబోయే జిల్లాలో మంచిర్యాలకు బదులుగా కాగజ్‌నగర్‌ను జిల్లా కేంద్రం చేయాలంటూ కాగజ్‌నగర్ జిల్లా సాధన కమిటి శుక్రవారం దీక్ష చేపట్టారు. ఈ మేరకు శుక్రవారం స్థానిక ఎన్టీఆర్‌చౌరస్తాలో ఒక రోజు దీక్షను పురపాలక సంఘం చైర్‌పర్సన్ విద్యావతి ప్రారంభించారు. దీక్షలో కమిటి కన్వీనర్ డాక్టర్ శ్రీనివాస్ కౌన్సిలర్లు, ఇతర పార్టీ నాయకులు పాల్గొన్నారు.
తహసీల్దార్ బదిలీ రద్దుచేయాలి
ఇంద్రవెల్లి, (జనంసాక్షి): మండల తహసీల్దార్ చిత్రపటేల్ అకారణ బదిలీపై గిరిజన సంఘాల నాయకులు, మండల సర్పంచ్‌లు, ఎంపీటీసీ సభ్యులు బంద్‌కు పిలుపునిచ్చారు. మండల కేంద్రంలోని అన్ని వ్యాపార కేంద్రాలు బంద్ పాటించగా అత్యవసర మెడికల్ షాపులు, పాఠశాలలు, బ్యాంక్‌లు యధావిధిగా కొనసాగుతున్నాయి. ఈ సందర్భంగా గిరిజన సంఘాల నాయకులు సర్పంచ్‌లు, ఎంపీటీసీ సభ్యులు మాట్లాడుతూ.. తహసీల్దార్ బదిలీ రద్దు చేయకపోతే జిల్లా వ్యాప్తంగా ఆందోళన చేపడతామని అన్నారు. నాగనాథ్, గణేశ్, అమృతరావు తదితర నాయకులు తదితరులు విలేకర్లతో మాట్లాడారు.
అక్రమంగా తరలిస్తున్న 13 క్వింటాళ్ల రేషన్ బియ్యం పట్టివేత
రామకృష్ణాపూర్, (జనంసాక్షి): ఆదిలాబాద్ జిల్లా మందమర్రి మండలం రామకృష్ణాపూర్‌లోని రవీంద్రఖని రైల్వేస్టేషన్ నుంచి అక్రమంగా తరలించేందుకు సిద్ధంగా ఉంచిన 13క్వింటాళ్ల రేషన్ బియ్యాన్ని రెవెన్యూ అధికారులు పట్టుకున్నారు. గురువారం రాత్రి భాగ్యనగర్ ఎక్స్‌ప్రెస్ రైలు ద్వారా మహారాష్ట్రకు బియ్యాన్ని అక్రమంగా తరలిస్తున్నట్లు సమాచారం అందుకున్న మంచిర్యాల డీటీ ఎన్‌ఫోర్స్‌మెంట్ మోహన్‌రెడ్డి ఆధ్వర్యంలో సిబ్బంది దాడిచేసి పట్టుకున్నారు. గుర్తు తెలియని వ్యక్తులు బియ్యం తరలిస్తున్నారని మోహన్‌రెడ్డి తెలిపారు. స్వాధీనం చేసుకున్న బియ్యాన్ని సమీపంలోని రేషన్ దుకాణానికి తరలించారు.
